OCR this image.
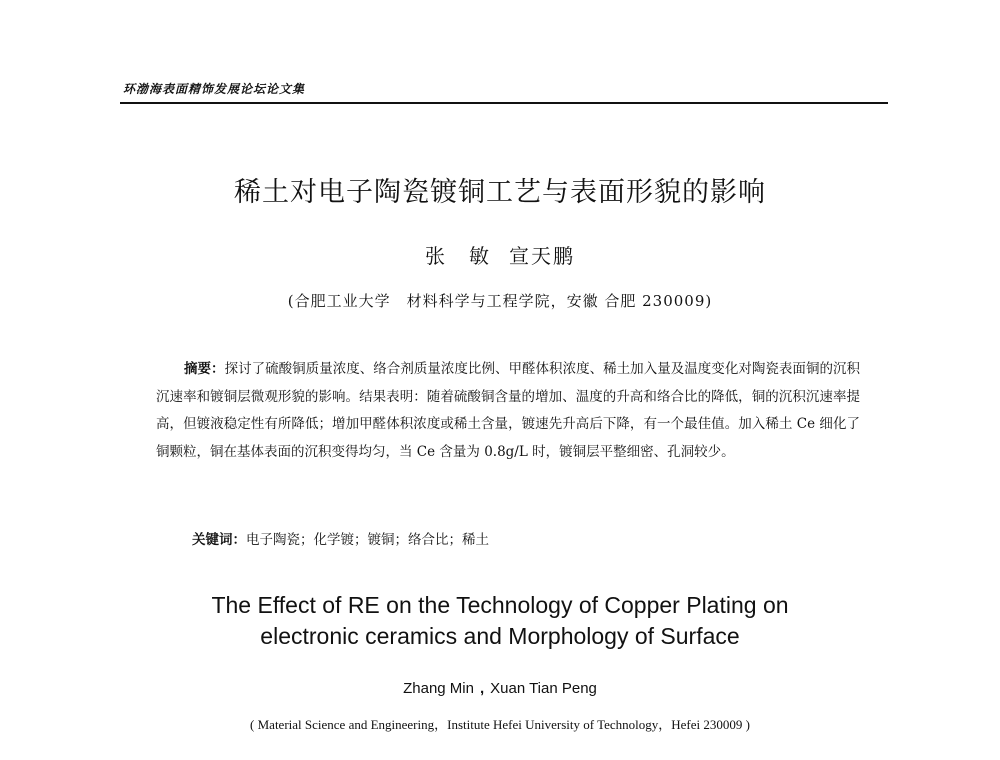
环渤海表面精饰发展论坛论文集
稀土对电子陶瓷镀铜工艺与表面形貌的影响
张　敏 宣天鹏
(合肥工业大学　材料科学与工程学院，安徽 合肥 230009)
摘要：探讨了硫酸铜质量浓度、络合剂质量浓度比例、甲醛体积浓度、稀土加入量及温度变化对陶瓷表面铜的沉积沉速率和镀铜层微观形貌的影响。结果表明：随着硫酸铜含量的增加、温度的升高和络合比的降低，铜的沉积沉速率提高，但镀液稳定性有所降低；增加甲醛体积浓度或稀土含量，镀速先升高后下降，有一个最佳值。加入稀土 Ce 细化了铜颗粒，铜在基体表面的沉积变得均匀，当 Ce 含量为 0.8g/L 时，镀铜层平整细密、孔洞较少。
关键词：电子陶瓷；化学镀；镀铜；络合比；稀土
The Effect of RE on the Technology of Copper Plating on
electronic ceramics and Morphology of Surface
Zhang Min , Xuan Tian Peng
( Material Science and Engineering，Institute Hefei University of Technology，Hefei 230009 )
